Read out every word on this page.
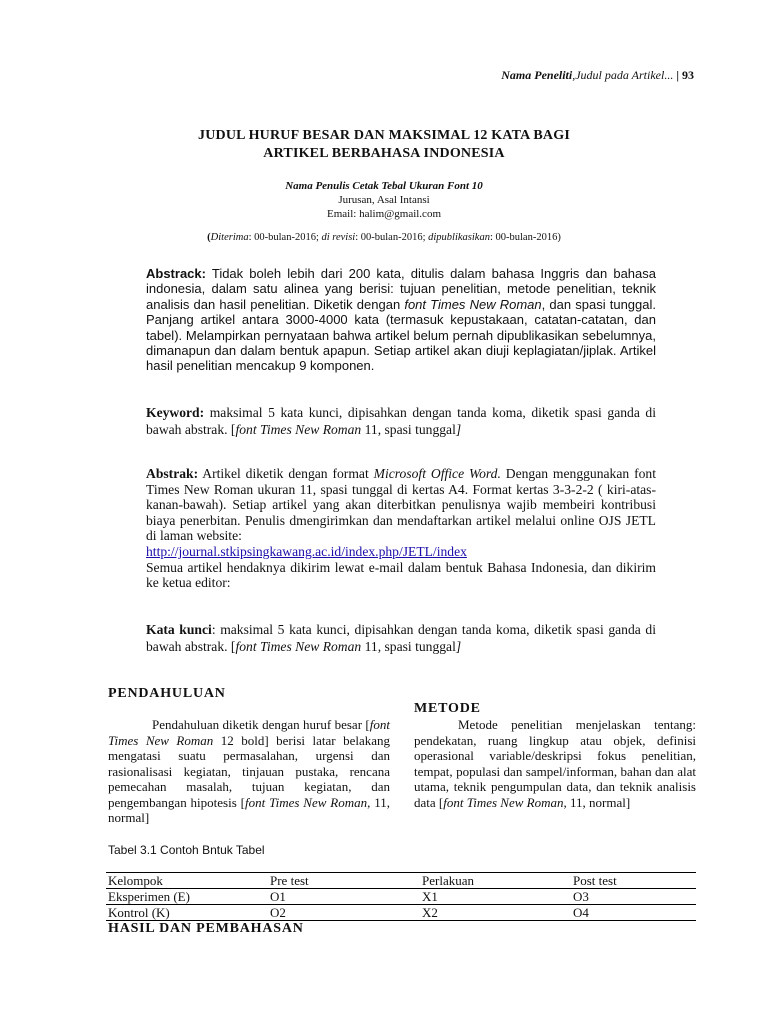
Nama Peneliti,Judul pada Artikel... | 93
JUDUL HURUF BESAR DAN MAKSIMAL 12 KATA BAGI
ARTIKEL BERBAHASA INDONESIA
Nama Penulis Cetak Tebal Ukuran Font 10
Jurusan, Asal Intansi
Email: halim@gmail.com
(Diterima: 00-bulan-2016; di revisi: 00-bulan-2016; dipublikasikan: 00-bulan-2016)
Abstrack: Tidak boleh lebih dari 200 kata, ditulis dalam bahasa Inggris dan bahasa indonesia, dalam satu alinea yang berisi: tujuan penelitian, metode penelitian, teknik analisis dan hasil penelitian. Diketik dengan font Times New Roman, dan spasi tunggal. Panjang artikel antara 3000-4000 kata (termasuk kepustakaan, catatan-catatan, dan tabel). Melampirkan pernyataan bahwa artikel belum pernah dipublikasikan sebelumnya, dimanapun dan dalam bentuk apapun. Setiap artikel akan diuji keplagiatan/jiplak. Artikel hasil penelitian mencakup 9 komponen.
Keyword: maksimal 5 kata kunci, dipisahkan dengan tanda koma, diketik spasi ganda di bawah abstrak. [font Times New Roman 11, spasi tunggal]
Abstrak: Artikel diketik dengan format Microsoft Office Word. Dengan menggunakan font Times New Roman ukuran 11, spasi tunggal di kertas A4. Format kertas 3-3-2-2 ( kiri-atas-kanan-bawah). Setiap artikel yang akan diterbitkan penulisnya wajib membeiri kontribusi biaya penerbitan. Penulis dmengirimkan dan mendaftarkan artikel melalui online OJS JETL di laman website:
http://journal.stkipsingkawang.ac.id/index.php/JETL/index
Semua artikel hendaknya dikirim lewat e-mail dalam bentuk Bahasa Indonesia, dan dikirim ke ketua editor:
Kata kunci: maksimal 5 kata kunci, dipisahkan dengan tanda koma, diketik spasi ganda di bawah abstrak. [font Times New Roman 11, spasi tunggal]
PENDAHULUAN
Pendahuluan diketik dengan huruf besar [font Times New Roman 12 bold] berisi latar belakang mengatasi suatu permasalahan, urgensi dan rasionalisasi kegiatan, tinjauan pustaka, rencana pemecahan masalah, tujuan kegiatan, dan pengembangan hipotesis [font Times New Roman, 11, normal]
METODE
Metode penelitian menjelaskan tentang: pendekatan, ruang lingkup atau objek, definisi operasional variable/deskripsi fokus penelitian, tempat, populasi dan sampel/informan, bahan dan alat utama, teknik pengumpulan data, dan teknik analisis data [font Times New Roman, 11, normal]
Tabel 3.1 Contoh Bntuk Tabel
Kelompok	Pre test	Perlakuan	Post test
Eksperimen (E)	O1	X1	O3
Kontrol (K)	O2	X2	O4
HASIL DAN PEMBAHASAN
